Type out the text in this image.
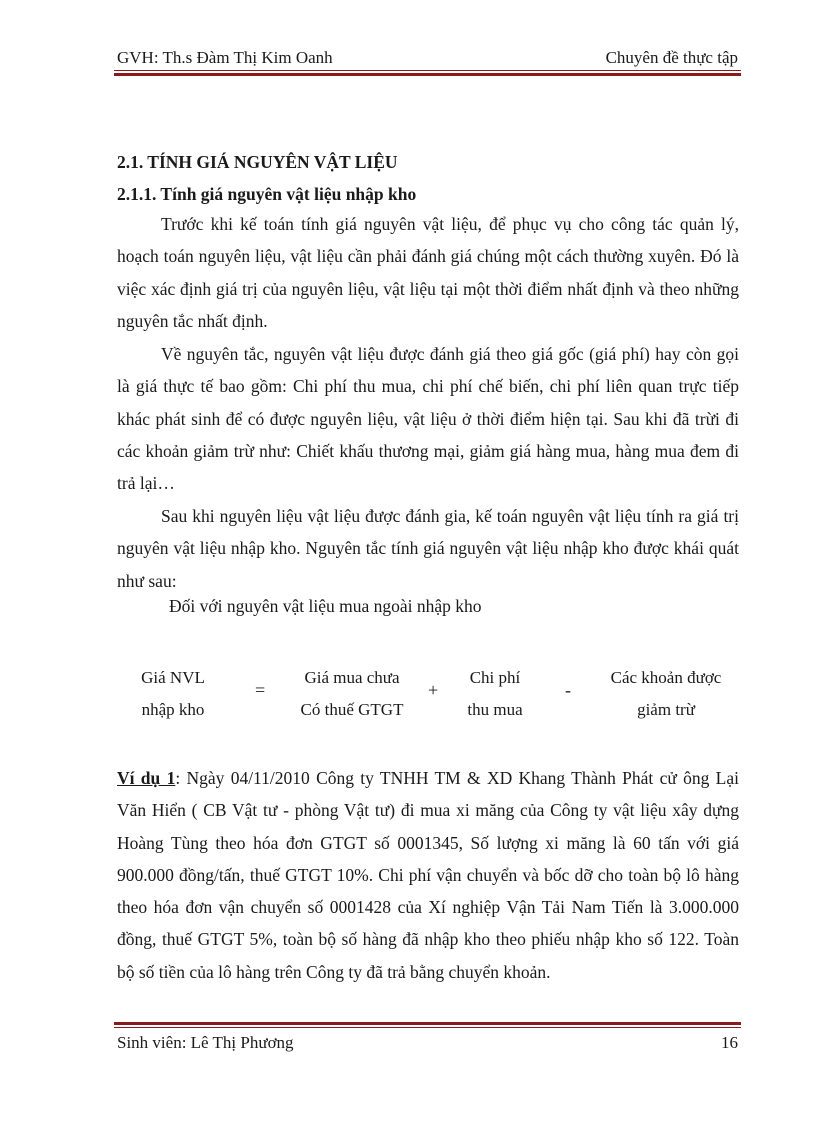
GVH: Th.s Đàm Thị Kim Oanh	Chuyên đề thực tập
2.1. TÍNH GIÁ NGUYÊN VẬT LIỆU
2.1.1. Tính giá nguyên vật liệu nhập kho

Trước khi kế toán tính giá nguyên vật liệu, để phục vụ cho công tác quản lý, hoạch toán nguyên liệu, vật liệu cần phải đánh giá chúng một cách thường xuyên. Đó là việc xác định giá trị của nguyên liệu, vật liệu tại một thời điểm nhất định và theo những nguyên tắc nhất định.

Về nguyên tắc, nguyên vật liệu được đánh giá theo giá gốc (giá phí) hay còn gọi là giá thực tế bao gồm: Chi phí thu mua, chi phí chế biến, chi phí liên quan trực tiếp khác phát sinh để có được nguyên liệu, vật liệu ở thời điểm hiện tại. Sau khi đã trừi đi các khoản giảm trừ như: Chiết khấu thương mại, giảm giá hàng mua, hàng mua đem đi trả lại…

Sau khi nguyên liệu vật liệu được đánh gia, kế toán nguyên vật liệu tính ra giá trị nguyên vật liệu nhập kho. Nguyên tắc tính giá nguyên vật liệu nhập kho được khái quát như sau:

Đối với nguyên vật liệu mua ngoài nhập kho
Giá NVL
nhập kho
=
Giá mua chưa
Có thuế GTGT
+
Chi phí
thu mua
-
Các khoản được
giảm trừ

Ví dụ 1: Ngày 04/11/2010 Công ty TNHH TM & XD Khang Thành Phát cử ông Lại Văn Hiển ( CB Vật tư - phòng Vật tư) đi mua xi măng của Công ty vật liệu xây dựng Hoàng Tùng theo hóa đơn GTGT số 0001345, Số lượng xi măng là 60 tấn với giá 900.000 đồng/tấn, thuế GTGT 10%. Chi phí vận chuyển và bốc dỡ cho toàn bộ lô hàng theo hóa đơn vận chuyển số 0001428 của Xí nghiệp Vận Tải Nam Tiến là 3.000.000 đồng, thuế GTGT 5%, toàn bộ số hàng đã nhập kho theo phiếu nhập kho số 122. Toàn bộ số tiền của lô hàng trên Công ty đã trả bằng chuyển khoản.

Sinh viên: Lê Thị Phương	16
